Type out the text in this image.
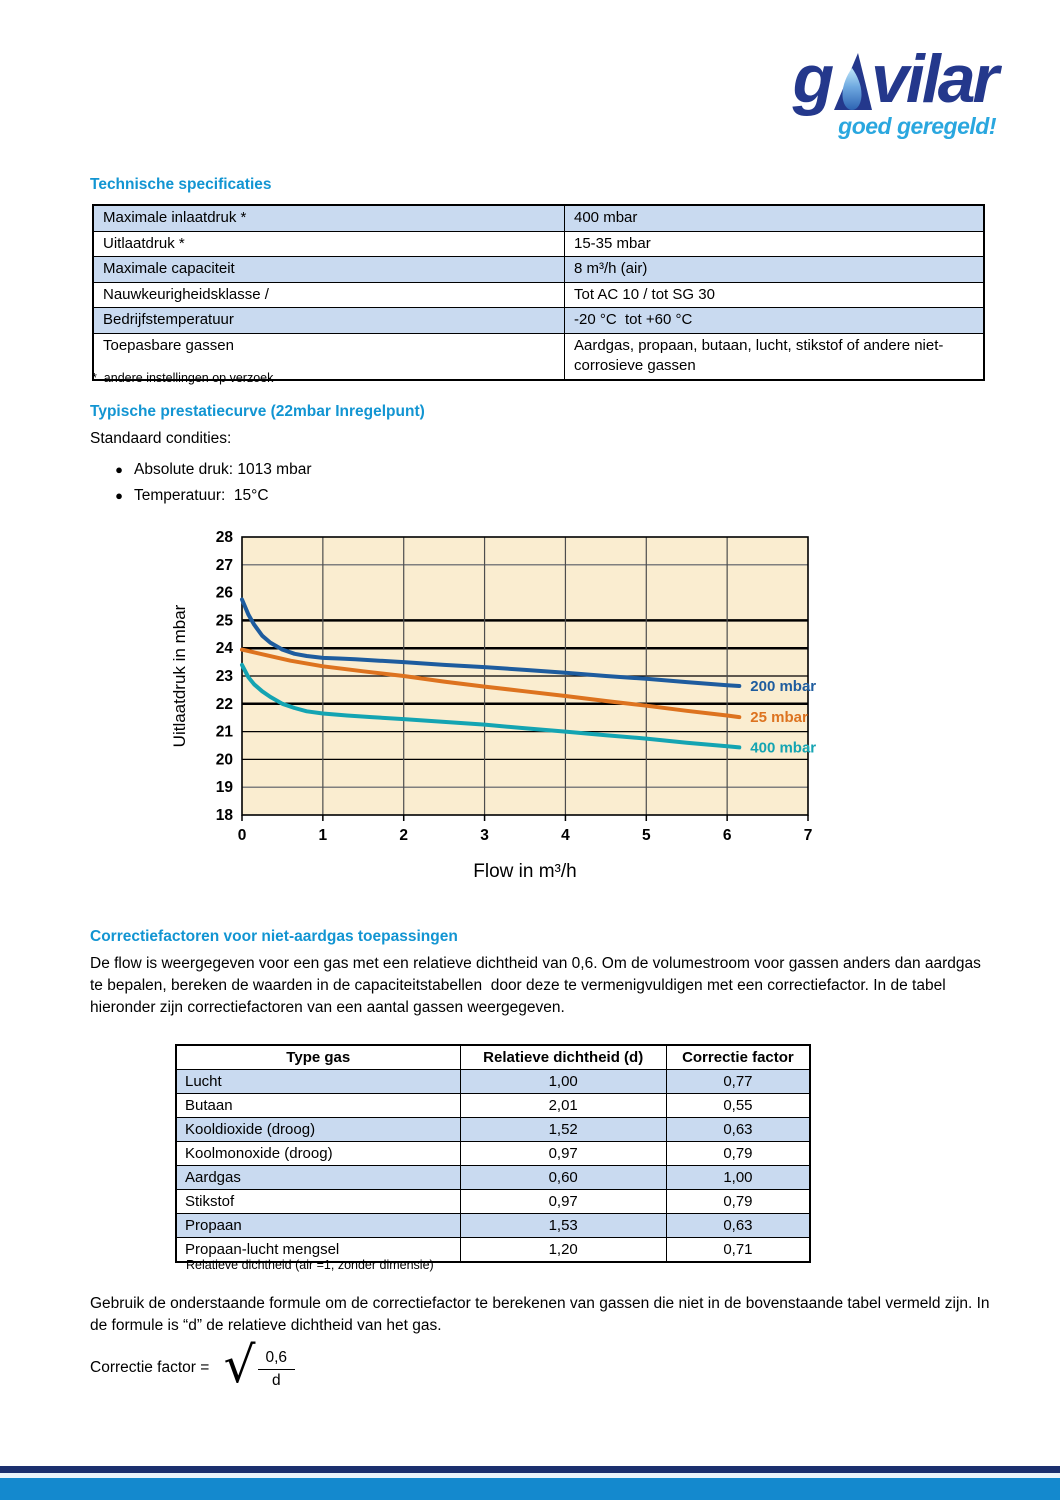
g vilar
goed geregeld!
Technische specificaties
Maximale inlaatdruk *	400 mbar
Uitlaatdruk *	15-35 mbar
Maximale capaciteit	8 m³/h (air)
Nauwkeurigheidsklasse /	Tot AC 10 / tot SG 30
Bedrijfstemperatuur	-20 °C  tot +60 °C
Toepasbare gassen	Aardgas, propaan, butaan, lucht, stikstof of andere niet-corrosieve gassen
*  andere instellingen op verzoek
Typische prestatiecurve (22mbar Inregelpunt)
Standaard condities:
● Absolute druk: 1013 mbar
● Temperatuur:  15°C
200 mbar
25 mbar
400 mbar
18
19
20
21
22
23
24
25
26
27
28
0	1	2	3	4	5	6	7
Uitlaatdruk in mbar
Flow in m³/h
Correctiefactoren voor niet-aardgas toepassingen
De flow is weergegeven voor een gas met een relatieve dichtheid van 0,6. Om de volumestroom voor gassen anders dan aardgas te bepalen, bereken de waarden in de capaciteitstabellen  door deze te vermenigvuldigen met een correctiefactor. In de tabel hieronder zijn correctiefactoren van een aantal gassen weergegeven.
Type gas	Relatieve dichtheid (d)	Correctie factor
Lucht	1,00	0,77
Butaan	2,01	0,55
Kooldioxide (droog)	1,52	0,63
Koolmonoxide (droog)	0,97	0,79
Aardgas	0,60	1,00
Stikstof	0,97	0,79
Propaan	1,53	0,63
Propaan-lucht mengsel	1,20	0,71
Relatieve dichtheid (air =1, zonder dimensie)
Gebruik de onderstaande formule om de correctiefactor te berekenen van gassen die niet in de bovenstaande tabel vermeld zijn. In de formule is “d” de relatieve dichtheid van het gas.
Correctie factor = √ $\frac{0,6}{d}$
